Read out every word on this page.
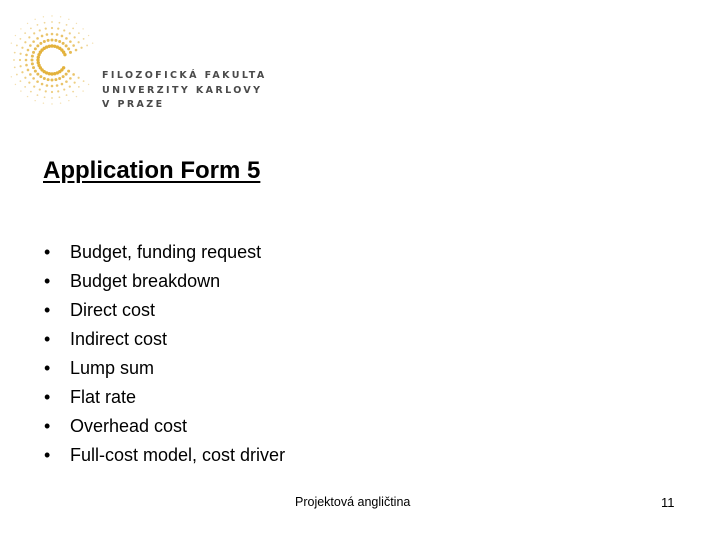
FILOZOFICKÁ FAKULTA
UNIVERZITY KARLOVY
V PRAZE
Application Form 5
• Budget, funding request
• Budget breakdown
• Direct cost
• Indirect cost
• Lump sum
• Flat rate
• Overhead cost
• Full-cost model, cost driver
Projektová angličtina	11
